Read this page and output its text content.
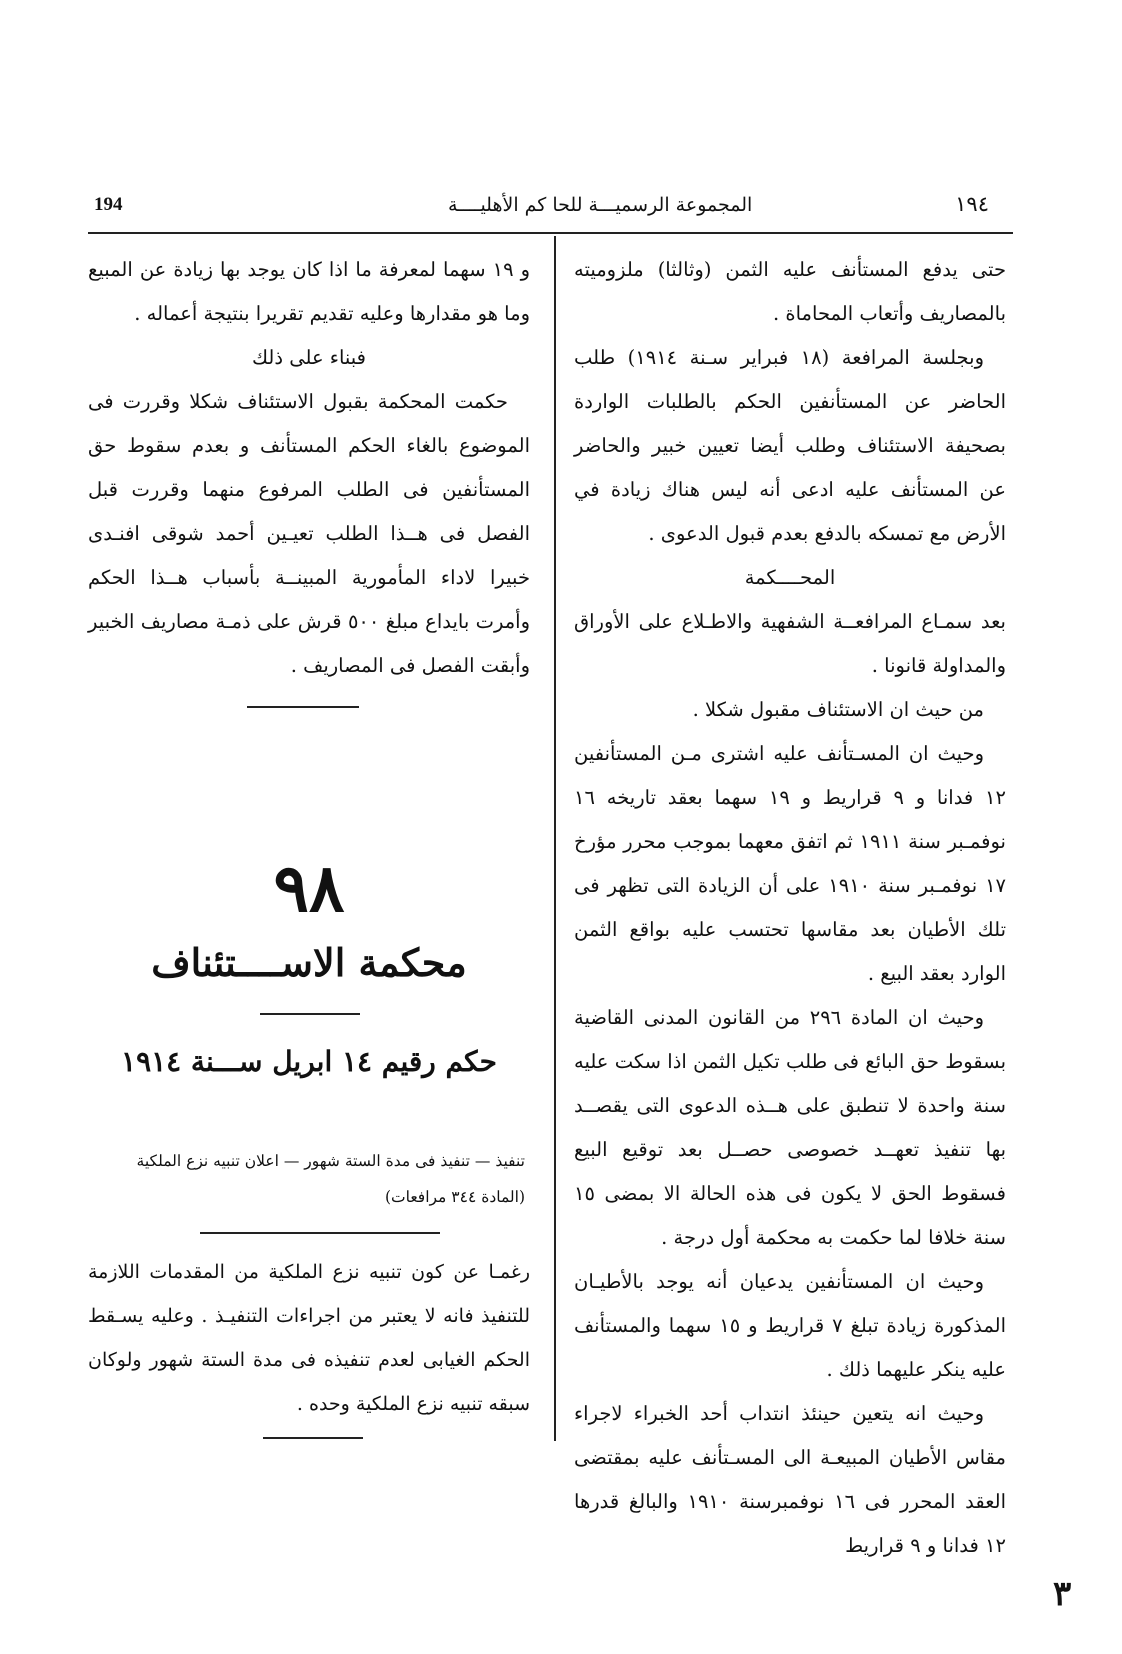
194	المجموعة الرسميـــة للحا كم الأهليــــة	١٩٤

حتى يدفع المستأنف عليه الثمن (وثالثا) ملزوميته بالمصاريف وأتعاب المحاماة .

وبجلسة المرافعة (١٨ فبراير سـنة ١٩١٤) طلب الحاضر عن المستأنفين الحكم بالطلبات الواردة بصحيفة الاستئناف وطلب أيضا تعيين خبير والحاضر عن المستأنف عليه ادعى أنه ليس هناك زيادة في الأرض مع تمسكه بالدفع بعدم قبول الدعوى .

المحــــكمة

بعد سمـاع المرافعــة الشفهية والاطـلاع على الأوراق والمداولة قانونا .

من حيث ان الاستئناف مقبول شكلا .

وحيث ان المسـتأنف عليه اشترى مـن المستأنفين ١٢ فدانا و ٩ قراريط و ١٩ سهما بعقد تاريخه ١٦ نوفمـبر سنة ١٩١١ ثم اتفق معهما بموجب محرر مؤرخ ١٧ نوفمـبر سنة ١٩١٠ على أن الزيادة التى تظهر فى تلك الأطيان بعد مقاسها تحتسب عليه بواقع الثمن الوارد بعقد البيع .

وحيث ان المادة ٢٩٦ من القانون المدنى القاضية بسقوط حق البائع فى طلب تكيل الثمن اذا سكت عليه سنة واحدة لا تنطبق على هــذه الدعوى التى يقصــد بها تنفيذ تعهــد خصوصى حصــل بعد توقيع البيع فسقوط الحق لا يكون فى هذه الحالة الا بمضى ١٥ سنة خلافا لما حكمت به محكمة أول درجة .

وحيث ان المستأنفين يدعيان أنه يوجد بالأطيـان المذكورة زيادة تبلغ ٧ قراريط و ١٥ سهما والمستأنف عليه ينكر عليهما ذلك .

وحيث انه يتعين حينئذ انتداب أحد الخبراء لاجراء مقاس الأطيان المبيعـة الى المسـتأنف عليه بمقتضى العقد المحرر فى ١٦ نوفمبرسنة ١٩١٠ والبالغ قدرها ١٢ فدانا و ٩ قراريط

و ١٩ سهما لمعرفة ما اذا كان يوجد بها زيادة عن المبيع وما هو مقدارها وعليه تقديم تقريرا بنتيجة أعماله .

فبناء على ذلك

حكمت المحكمة بقبول الاستئناف شكلا وقررت فى الموضوع بالغاء الحكم المستأنف و بعدم سقوط حق المستأنفين فى الطلب المرفوع منهما وقررت قبل الفصل فى هــذا الطلب تعيـين أحمد شوقى افنـدى خبيرا لاداء المأمورية المبينــة بأسباب هــذا الحكم وأمرت بايداع مبلغ ٥٠٠ قرش على ذمـة مصاريف الخبير وأبقت الفصل فى المصاريف .

٩٨
محكمة الاســــتئناف
حكم رقيم ١٤ ابريل ســـنة ١٩١٤
تنفيذ — تنفيذ فى مدة الستة شهور — اعلان تنبيه نزع الملكية
(المادة ٣٤٤ مرافعات)

رغمـا عن كون تنبيه نزع الملكية من المقدمات اللازمة للتنفيذ فانه لا يعتبر من اجراءات التنفيـذ . وعليه يسـقط الحكم الغيابى لعدم تنفيذه فى مدة الستة شهور ولوكان سبقه تنبيه نزع الملكية وحده .

٣
